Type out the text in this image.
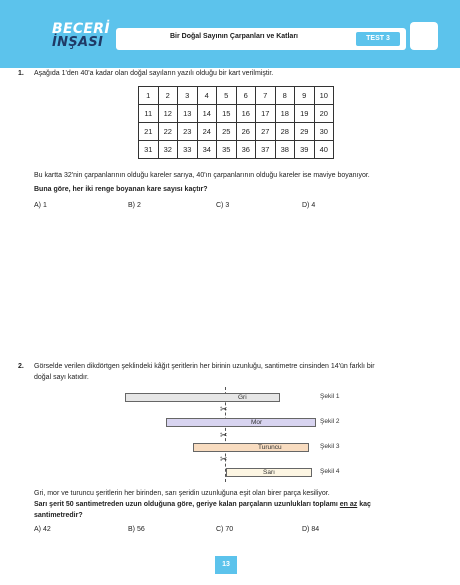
BECERİ
İNŞASI	Bir Doğal Sayının Çarpanları ve Katları	TEST 3
1. Aşağıda 1'den 40'a kadar olan doğal sayıların yazılı olduğu bir kart verilmiştir.
1	2	3	4	5	6	7	8	9	10
11	12	13	14	15	16	17	18	19	20
21	22	23	24	25	26	27	28	29	30
31	32	33	34	35	36	37	38	39	40
Bu kartta 32'nin çarpanlarının olduğu kareler sarıya, 40'ın çarpanlarının olduğu kareler ise maviye boyanıyor.
Buna göre, her iki renge boyanan kare sayısı kaçtır?
A) 1	B) 2	C) 3	D) 4
2. Görselde verilen dikdörtgen şeklindeki kâğıt şeritlerin her birinin uzunluğu, santimetre cinsinden 14'ün farklı bir
doğal sayı katıdır.
Gri	Şekil 1
✂
Mor	Şekil 2
✂
Turuncu	Şekil 3
✂
Sarı	Şekil 4
Gri, mor ve turuncu şeritlerin her birinden, sarı şeridin uzunluğuna eşit olan birer parça kesiliyor.
Sarı şerit 50 santimetreden uzun olduğuna göre, geriye kalan parçaların uzunlukları toplamı en az kaç
santimetredir?
A) 42	B) 56	C) 70	D) 84
13
